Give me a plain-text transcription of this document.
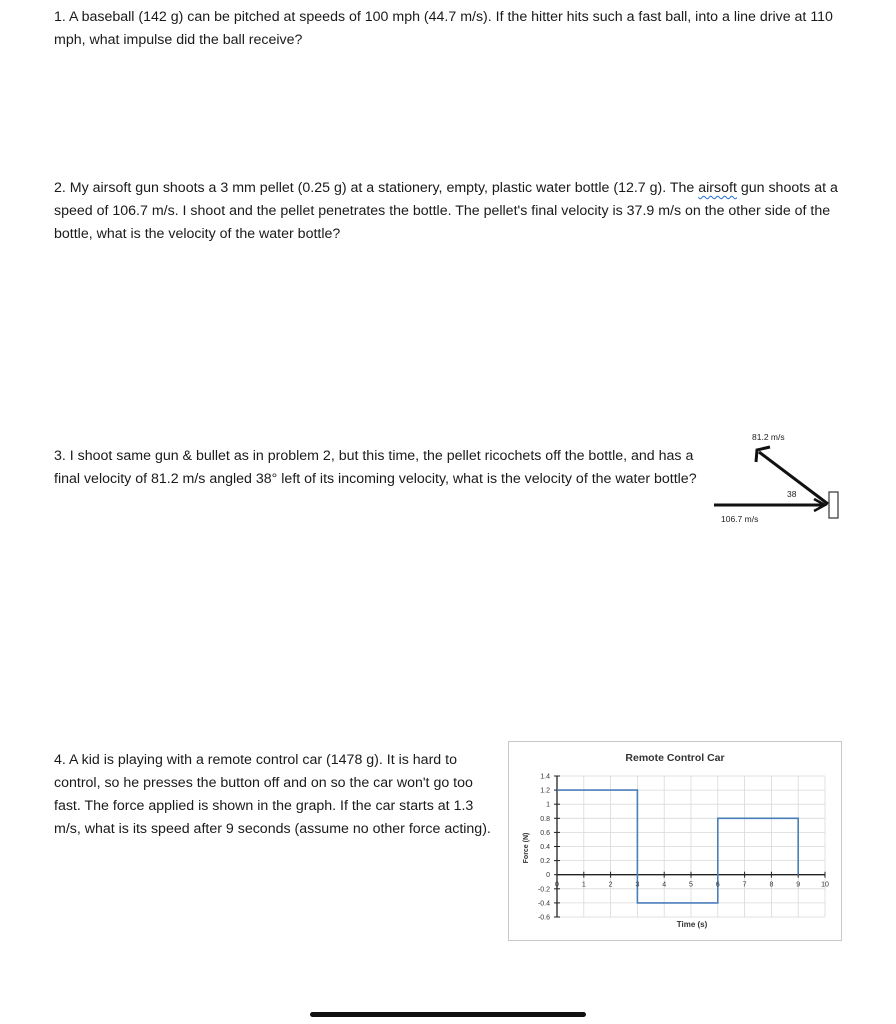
1. A baseball (142 g) can be pitched at speeds of 100 mph (44.7 m/s). If the hitter hits such a fast ball, into a line drive at 110 mph, what impulse did the ball receive?
2. My airsoft gun shoots a 3 mm pellet (0.25 g) at a stationery, empty, plastic water bottle (12.7 g). The airsoft gun shoots at a speed of 106.7 m/s. I shoot and the pellet penetrates the bottle. The pellet's final velocity is 37.9 m/s on the other side of the bottle, what is the velocity of the water bottle?
3. I shoot same gun & bullet as in problem 2, but this time, the pellet ricochets off the bottle, and has a final velocity of 81.2 m/s angled 38° left of its incoming velocity, what is the velocity of the water bottle?
81.2 m/s
38
106.7 m/s
4. A kid is playing with a remote control car (1478 g). It is hard to control, so he presses the button off and on so the car won't go too fast. The force applied is shown in the graph. If the car starts at 1.3 m/s, what is its speed after 9 seconds (assume no other force acting).
1.4
1.2
1
0.8
0.6
0.4
0.2
0
-0.2
-0.4
-0.6
0	1	2	3	4	5	6	7	8	9	10
Remote Control Car
Time (s)
Force (N)
